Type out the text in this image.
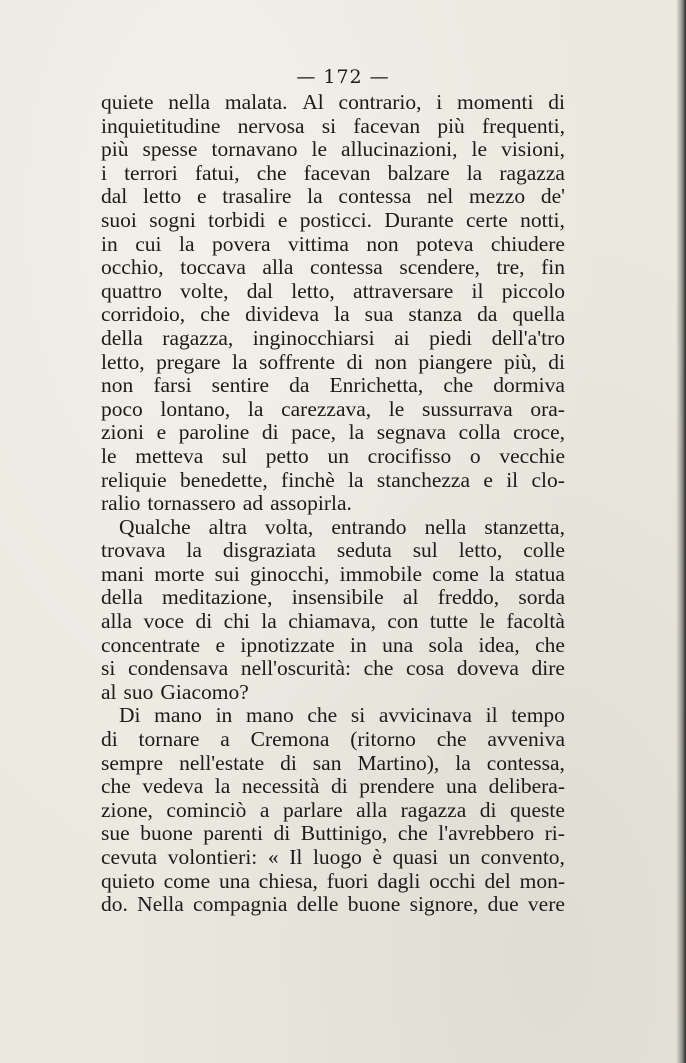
— 172 —
quiete nella malata. Al contrario, i momenti di
inquietitudine nervosa si facevan più frequenti,
più spesse tornavano le allucinazioni, le visioni,
i terrori fatui, che facevan balzare la ragazza
dal letto e trasalire la contessa nel mezzo de'
suoi sogni torbidi e posticci. Durante certe notti,
in cui la povera vittima non poteva chiudere
occhio, toccava alla contessa scendere, tre, fin
quattro volte, dal letto, attraversare il piccolo
corridoio, che divideva la sua stanza da quella
della ragazza, inginocchiarsi ai piedi dell'a'tro
letto, pregare la soffrente di non piangere più, di
non farsi sentire da Enrichetta, che dormiva
poco lontano, la carezzava, le sussurrava ora-
zioni e paroline di pace, la segnava colla croce,
le metteva sul petto un crocifisso o vecchie
reliquie benedette, finchè la stanchezza e il clo-
ralio tornassero ad assopirla.
Qualche altra volta, entrando nella stanzetta,
trovava la disgraziata seduta sul letto, colle
mani morte sui ginocchi, immobile come la statua
della meditazione, insensibile al freddo, sorda
alla voce di chi la chiamava, con tutte le facoltà
concentrate e ipnotizzate in una sola idea, che
si condensava nell'oscurità: che cosa doveva dire
al suo Giacomo?
Di mano in mano che si avvicinava il tempo
di tornare a Cremona (ritorno che avveniva
sempre nell'estate di san Martino), la contessa,
che vedeva la necessità di prendere una delibera-
zione, cominciò a parlare alla ragazza di queste
sue buone parenti di Buttinigo, che l'avrebbero ri-
cevuta volontieri: « Il luogo è quasi un convento,
quieto come una chiesa, fuori dagli occhi del mon-
do. Nella compagnia delle buone signore, due vere
